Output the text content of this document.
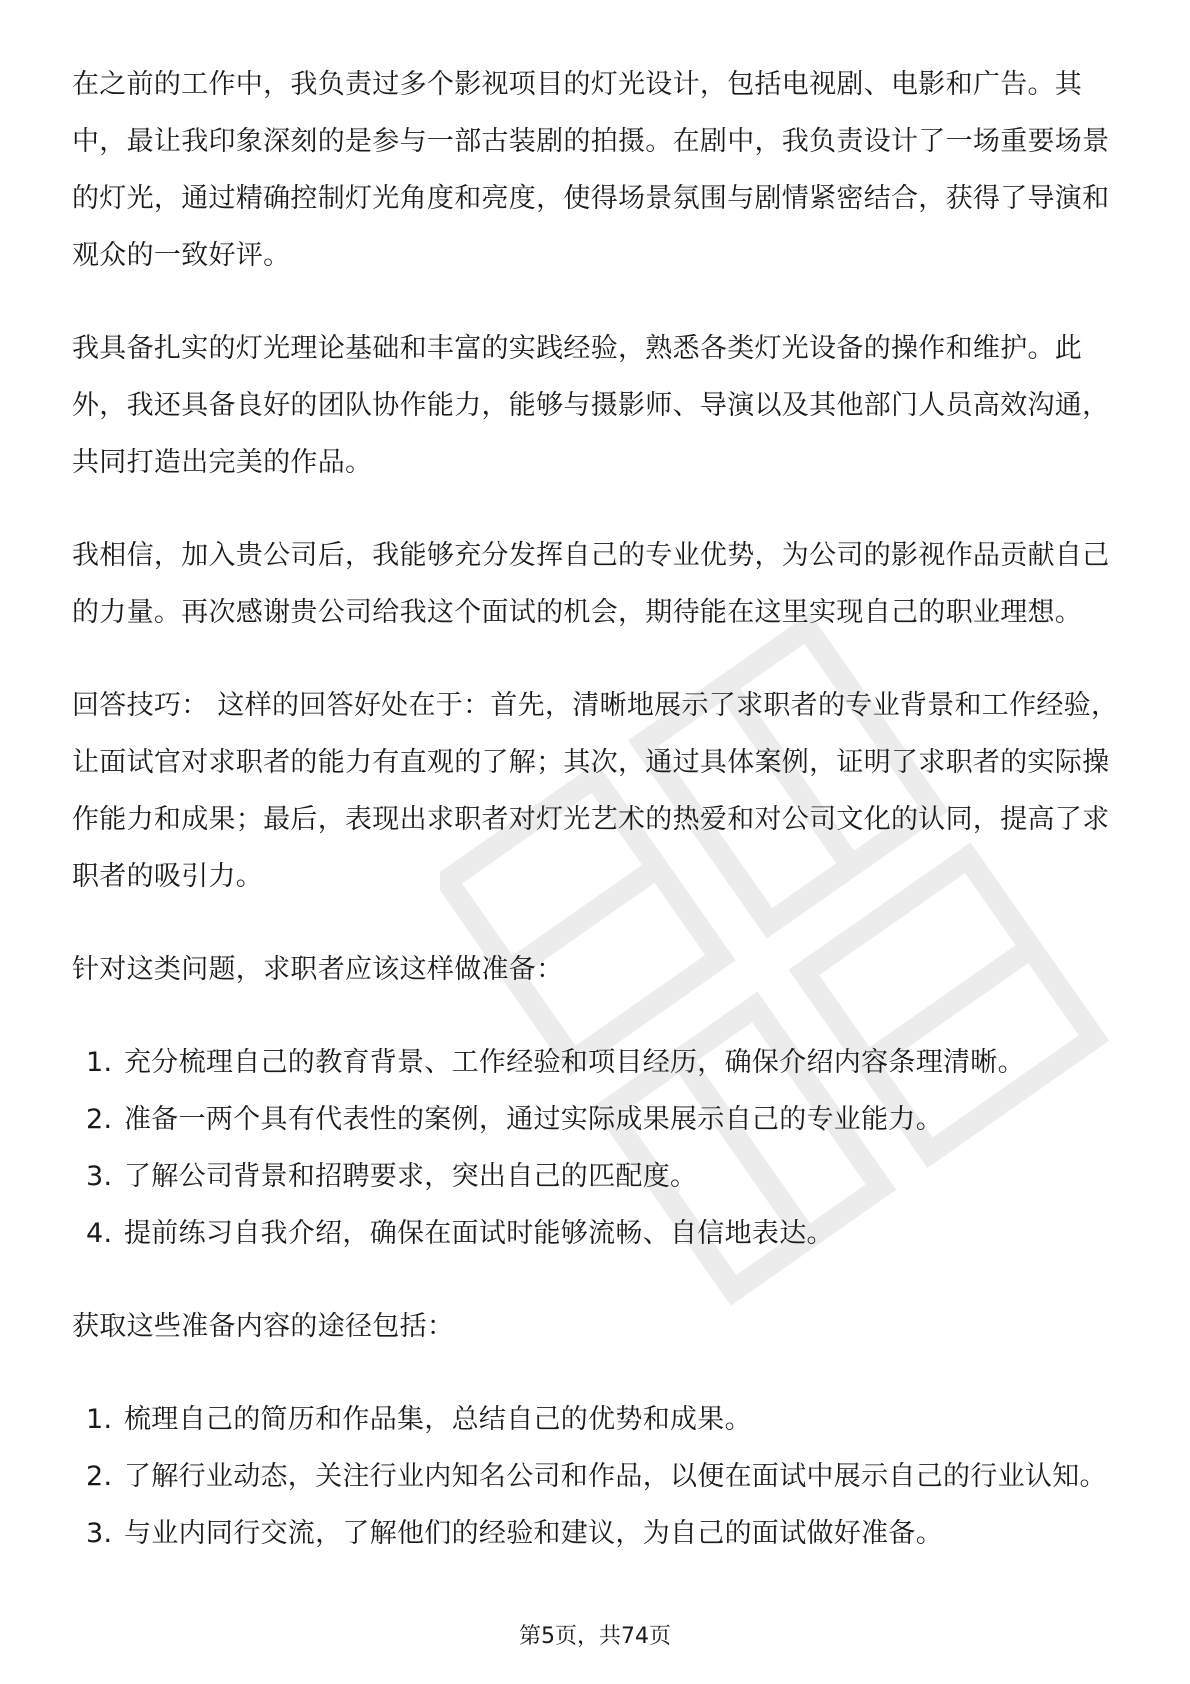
在之前的工作中，我负责过多个影视项目的灯光设计，包括电视剧、电影和广告。其中，最让我印象深刻的是参与一部古装剧的拍摄。在剧中，我负责设计了一场重要场景的灯光，通过精确控制灯光角度和亮度，使得场景氛围与剧情紧密结合，获得了导演和观众的一致好评。

我具备扎实的灯光理论基础和丰富的实践经验，熟悉各类灯光设备的操作和维护。此外，我还具备良好的团队协作能力，能够与摄影师、导演以及其他部门人员高效沟通，共同打造出完美的作品。

我相信，加入贵公司后，我能够充分发挥自己的专业优势，为公司的影视作品贡献自己的力量。再次感谢贵公司给我这个面试的机会，期待能在这里实现自己的职业理想。

回答技巧： 这样的回答好处在于：首先，清晰地展示了求职者的专业背景和工作经验，让面试官对求职者的能力有直观的了解；其次，通过具体案例，证明了求职者的实际操作能力和成果；最后，表现出求职者对灯光艺术的热爱和对公司文化的认同，提高了求职者的吸引力。

针对这类问题，求职者应该这样做准备：

1. 充分梳理自己的教育背景、工作经验和项目经历，确保介绍内容条理清晰。
2. 准备一两个具有代表性的案例，通过实际成果展示自己的专业能力。
3. 了解公司背景和招聘要求，突出自己的匹配度。
4. 提前练习自我介绍，确保在面试时能够流畅、自信地表达。

获取这些准备内容的途径包括：

1. 梳理自己的简历和作品集，总结自己的优势和成果。
2. 了解行业动态，关注行业内知名公司和作品，以便在面试中展示自己的行业认知。
3. 与业内同行交流，了解他们的经验和建议，为自己的面试做好准备。
第5页，共74页
